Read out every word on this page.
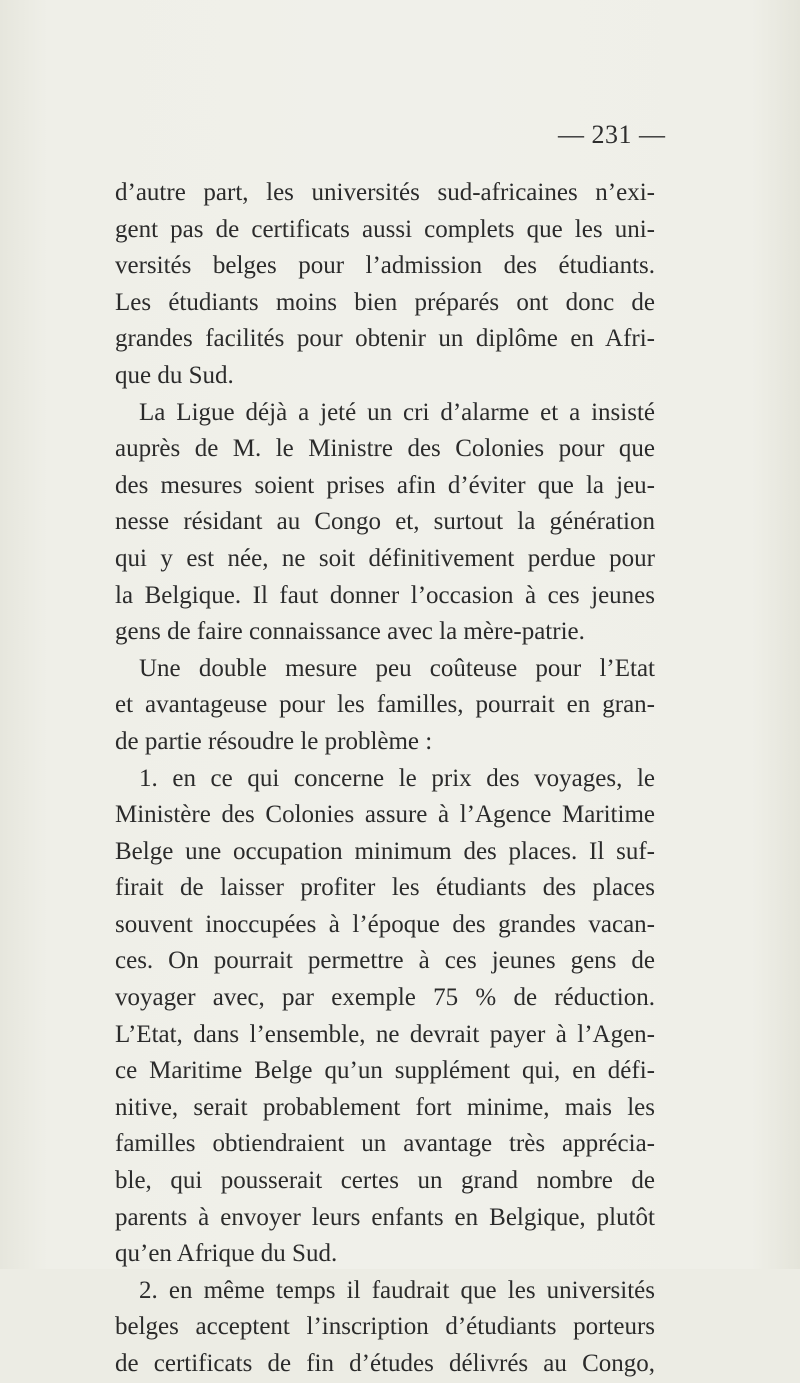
— 231 —
d’autre part, les universités sud-africaines n’exi-
gent pas de certificats aussi complets que les uni-
versités belges pour l’admission des étudiants.
Les étudiants moins bien préparés ont donc de
grandes facilités pour obtenir un diplôme en Afri-
que du Sud.
La Ligue déjà a jeté un cri d’alarme et a insisté
auprès de M. le Ministre des Colonies pour que
des mesures soient prises afin d’éviter que la jeu-
nesse résidant au Congo et, surtout la génération
qui y est née, ne soit définitivement perdue pour
la Belgique. Il faut donner l’occasion à ces jeunes
gens de faire connaissance avec la mère-patrie.
Une double mesure peu coûteuse pour l’Etat
et avantageuse pour les familles, pourrait en gran-
de partie résoudre le problème :
1. en ce qui concerne le prix des voyages, le
Ministère des Colonies assure à l’Agence Maritime
Belge une occupation minimum des places. Il suf-
firait de laisser profiter les étudiants des places
souvent inoccupées à l’époque des grandes vacan-
ces. On pourrait permettre à ces jeunes gens de
voyager avec, par exemple 75 % de réduction.
L’Etat, dans l’ensemble, ne devrait payer à l’Agen-
ce Maritime Belge qu’un supplément qui, en défi-
nitive, serait probablement fort minime, mais les
familles obtiendraient un avantage très apprécia-
ble, qui pousserait certes un grand nombre de
parents à envoyer leurs enfants en Belgique, plutôt
qu’en Afrique du Sud.
2. en même temps il faudrait que les universités
belges acceptent l’inscription d’étudiants porteurs
de certificats de fin d’études délivrés au Congo,
